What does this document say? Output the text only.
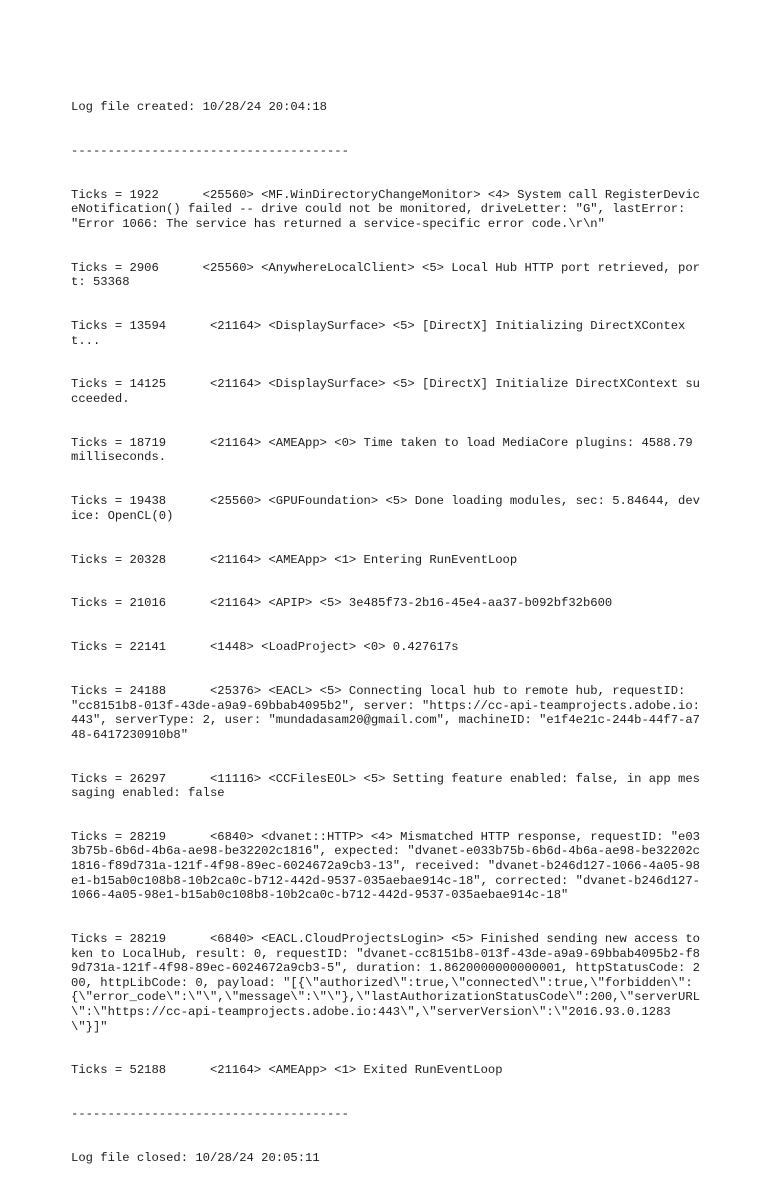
Log file created: 10/28/24 20:04:18

--------------------------------------

Ticks = 1922      <25560> <MF.WinDirectoryChangeMonitor> <4> System call RegisterDeviceNotification() failed -- drive could not be monitored, driveLetter: "G", lastError: "Error 1066: The service has returned a service-specific error code.\r\n"

Ticks = 2906      <25560> <AnywhereLocalClient> <5> Local Hub HTTP port retrieved, port: 53368

Ticks = 13594      <21164> <DisplaySurface> <5> [DirectX] Initializing DirectXContext...

Ticks = 14125      <21164> <DisplaySurface> <5> [DirectX] Initialize DirectXContext succeeded.

Ticks = 18719      <21164> <AMEApp> <0> Time taken to load MediaCore plugins: 4588.79 milliseconds.

Ticks = 19438      <25560> <GPUFoundation> <5> Done loading modules, sec: 5.84644, device: OpenCL(0)

Ticks = 20328      <21164> <AMEApp> <1> Entering RunEventLoop

Ticks = 21016      <21164> <APIP> <5> 3e485f73-2b16-45e4-aa37-b092bf32b600

Ticks = 22141      <1448> <LoadProject> <0> 0.427617s

Ticks = 24188      <25376> <EACL> <5> Connecting local hub to remote hub, requestID: "cc8151b8-013f-43de-a9a9-69bbab4095b2", server: "https://cc-api-teamprojects.adobe.io:443", serverType: 2, user: "mundadasam20@gmail.com", machineID: "e1f4e21c-244b-44f7-a748-6417230910b8"

Ticks = 26297      <11116> <CCFilesEOL> <5> Setting feature enabled: false, in app messaging enabled: false

Ticks = 28219      <6840> <dvanet::HTTP> <4> Mismatched HTTP response, requestID: "e033b75b-6b6d-4b6a-ae98-be32202c1816", expected: "dvanet-e033b75b-6b6d-4b6a-ae98-be32202c1816-f89d731a-121f-4f98-89ec-6024672a9cb3-13", received: "dvanet-b246d127-1066-4a05-98e1-b15ab0c108b8-10b2ca0c-b712-442d-9537-035aebae914c-18", corrected: "dvanet-b246d127-1066-4a05-98e1-b15ab0c108b8-10b2ca0c-b712-442d-9537-035aebae914c-18"

Ticks = 28219      <6840> <EACL.CloudProjectsLogin> <5> Finished sending new access token to LocalHub, result: 0, requestID: "dvanet-cc8151b8-013f-43de-a9a9-69bbab4095b2-f89d731a-121f-4f98-89ec-6024672a9cb3-5", duration: 1.8620000000000001, httpStatusCode: 200, httpLibCode: 0, payload: "[{\"authorized\":true,\"connected\":true,\"forbidden\":{\"error_code\":\"\",\"message\":\"\"},\"lastAuthorizationStatusCode\":200,\"serverURL\":\"https://cc-api-teamprojects.adobe.io:443\",\"serverVersion\":\"2016.93.0.1283\"}]"

Ticks = 52188      <21164> <AMEApp> <1> Exited RunEventLoop

--------------------------------------

Log file closed: 10/28/24 20:05:11
